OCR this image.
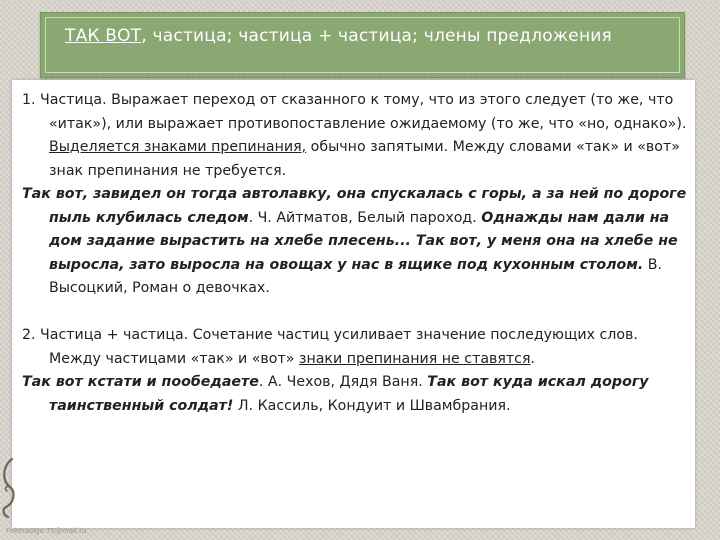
ТАК ВОТ, частица; частица + частица; члены предложения

1. Частица. Выражает переход от сказанного к тому, что из этого следует (то же, что «итак»), или выражает противопоставление ожидаемому (то же, что «но, однако»). Выделяется знаками препинания, обычно запятыми. Между словами «так» и «вот» знак препинания не требуется.

Так вот, завидел он тогда автолавку, она спускалась с горы, а за ней по дороге пыль клубилась следом. Ч. Айтматов, Белый пароход. Однажды нам дали на дом задание вырастить на хлебе плесень... Так вот, у меня она на хлебе не выросла, зато выросла на овощах у нас в ящике под кухонным столом. В. Высоцкий, Роман о девочках.

2. Частица + частица. Сочетание частиц усиливает значение последующих слов. Между частицами «так» и «вот» знаки препинания не ставятся.

Так вот кстати и пообедаете. А. Чехов, Дядя Ваня. Так вот куда искал дорогу таинственный солдат! Л. Кассиль, Кондуит и Швамбрания.

Fokinaolga.75@mail.ru
